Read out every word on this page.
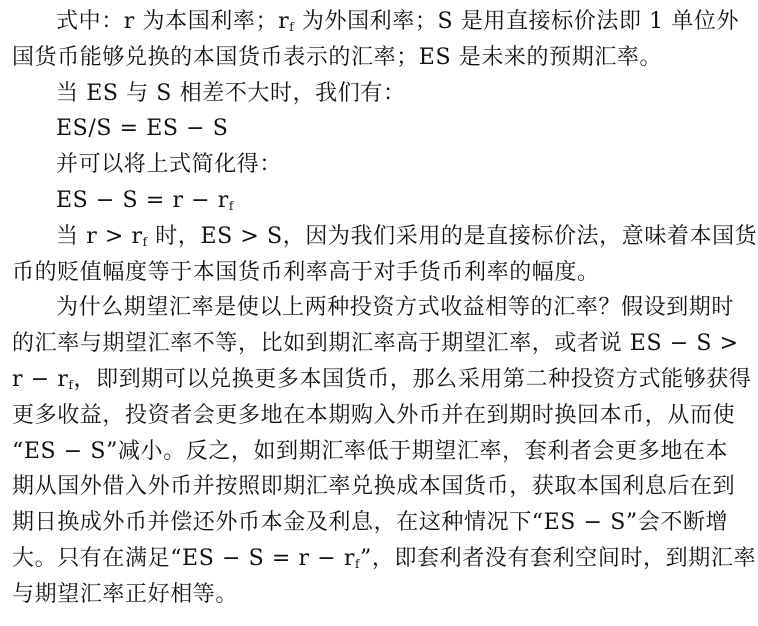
式中：r 为本国利率；$r_f$ 为外国利率；S 是用直接标价法即 1 单位外
国货币能够兑换的本国货币表示的汇率；ES 是未来的预期汇率。
当 ES 与 S 相差不大时，我们有：
ES/S = ES − S
并可以将上式简化得：
ES − $S = r - r_f$
当 $r > r_f$ 时，ES > S，因为我们采用的是直接标价法，意味着本国货
币的贬值幅度等于本国货币利率高于对手货币利率的幅度。
为什么期望汇率是使以上两种投资方式收益相等的汇率？假设到期时
的汇率与期望汇率不等，比如到期汇率高于期望汇率，或者说 ES − S >
$r - r_f$，即到期可以兑换更多本国货币，那么采用第二种投资方式能够获得
更多收益，投资者会更多地在本期购入外币并在到期时换回本币，从而使
“ES − S”减小。反之，如到期汇率低于期望汇率，套利者会更多地在本
期从国外借入外币并按照即期汇率兑换成本国货币，获取本国利息后在到
期日换成外币并偿还外币本金及利息，在这种情况下“ES − S”会不断增
大。只有在满足“ES − $S = r - r_f$”，即套利者没有套利空间时，到期汇率
与期望汇率正好相等。
